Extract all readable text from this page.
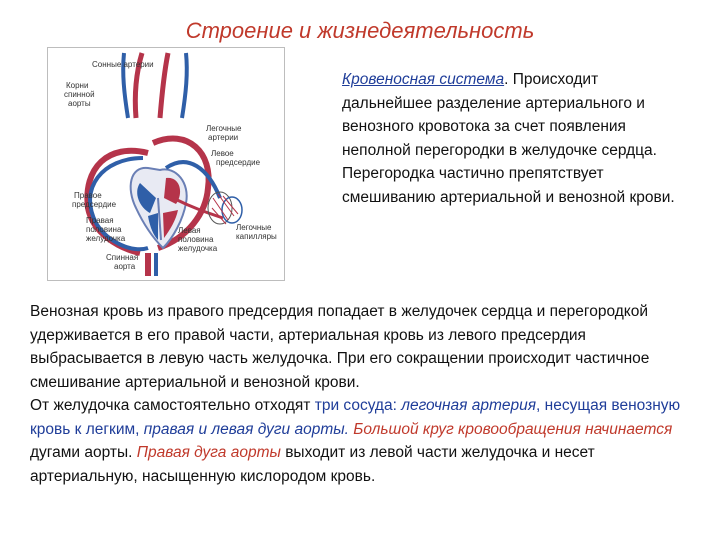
Строение и жизнедеятельность
Сонные артерии
Корни
спинной
аорты
Легочные
артерии
Левое
предсердие
Правое
предсердие
Правая
половина
желудочка
Левая
половина
желудочка
Легочные
капилляры
Спинная
аорта
Кровеносная система. Происходит дальнейшее разделение артериального и венозного кровотока за счет появления неполной перегородки в желудочке сердца. Перегородка частично препятствует смешиванию артериальной и венозной крови.
Венозная кровь из правого предсердия попадает в желудочек сердца и перегородкой удерживается в его правой части, артериальная кровь из левого предсердия выбрасывается в левую часть желудочка. При его сокращении происходит частичное смешивание артериальной и венозной крови.
От желудочка самостоятельно отходят три сосуда: легочная артерия, несущая венозную кровь к легким, правая и левая дуги аорты. Большой круг кровообращения начинается дугами аорты. Правая дуга аорты выходит из левой части желудочка и несет артериальную, насыщенную кислородом кровь.
